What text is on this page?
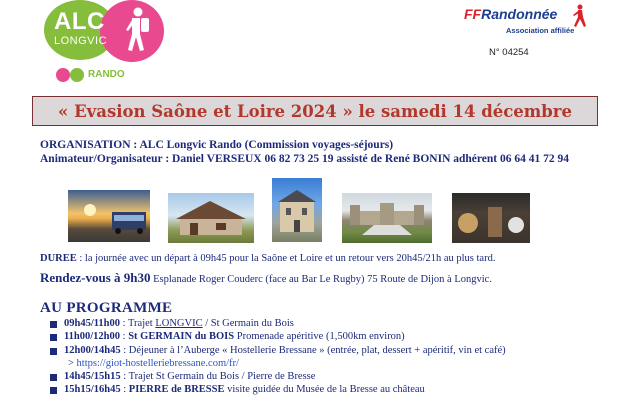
ALC
LONGVIC
RANDO
FFRandonnée
Association affiliée
N° 04254
« Evasion Saône et Loire 2024 » le samedi 14 décembre
ORGANISATION : ALC Longvic Rando (Commission voyages-séjours)
Animateur/Organisateur : Daniel VERSEUX 06 82 73 25 19 assisté de René BONIN adhérent 06 64 41 72 94
DUREE : la journée avec un départ à 09h45 pour la Saône et Loire et un retour vers 20h45/21h au plus tard.
Rendez-vous à 9h30 Esplanade Roger Couderc (face au Bar Le Rugby) 75 Route de Dijon à Longvic.
AU PROGRAMME
09h45/11h00 : Trajet LONGVIC / St Germain du Bois
11h00/12h00 : St GERMAIN du BOIS Promenade apéritive (1,500km environ)
12h00/14h45 : Déjeuner à l’Auberge « Hostellerie Bressane » (entrée, plat, dessert + apéritif, vin et café)
> https://giot-hostelleriebressane.com/fr/
14h45/15h15 : Trajet St Germain du Bois / Pierre de Bresse
15h15/16h45 : PIERRE de BRESSE visite guidée du Musée de la Bresse au château
